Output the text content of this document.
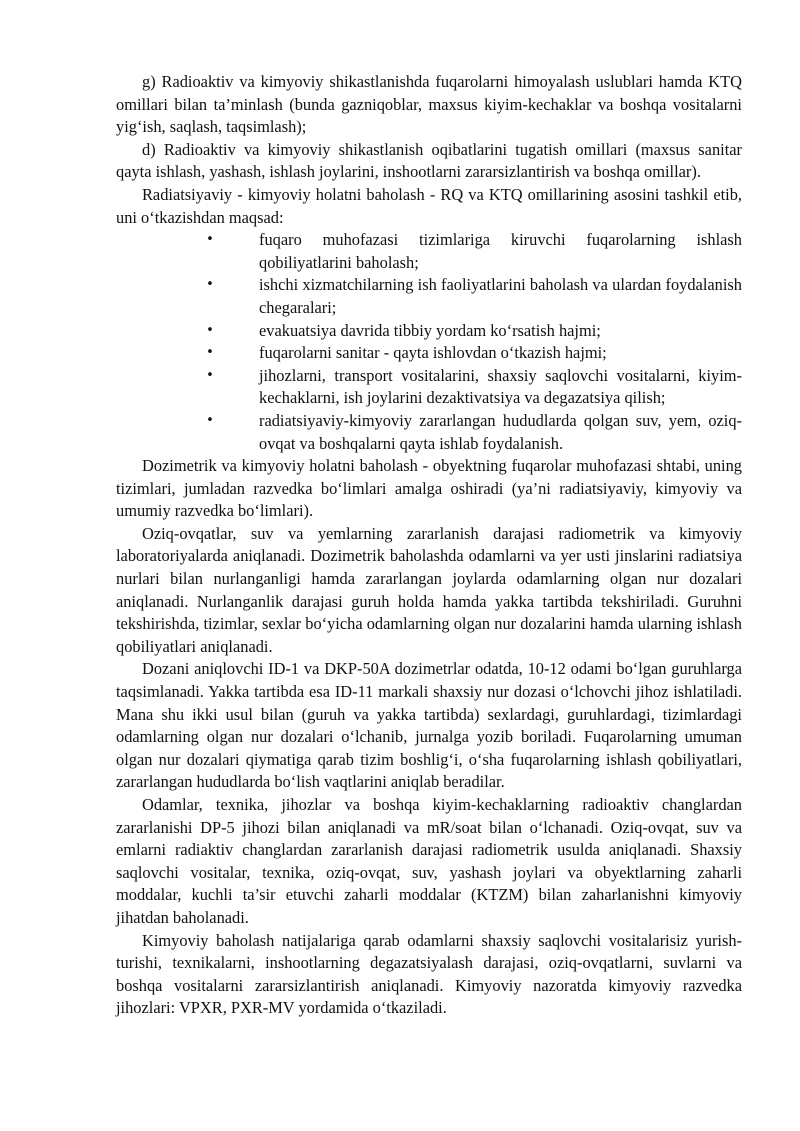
g) Radioaktiv va kimyoviy shikastlanishda fuqarolarni himoyalash uslublari hamda KTQ omillari bilan ta’minlash (bunda gazniqoblar, maxsus kiyim-kechaklar va boshqa vositalarni yig‘ish, saqlash, taqsimlash);

d) Radioaktiv va kimyoviy shikastlanish oqibatlarini tugatish omillari (maxsus sanitar qayta ishlash, yashash, ishlash joylarini, inshootlarni zararsizlantirish va boshqa omillar).

Radiatsiyaviy - kimyoviy holatni baholash - RQ va KTQ omillarining asosini tashkil etib, uni o‘tkazishdan maqsad:

•	fuqaro muhofazasi tizimlariga kiruvchi fuqarolarning ishlash qobiliyatlarini baholash;
•	ishchi xizmatchilarning ish faoliyatlarini baholash va ulardan foydalanish chegaralari;
•	evakuatsiya davrida tibbiy yordam ko‘rsatish hajmi;
•	fuqarolarni sanitar - qayta ishlovdan o‘tkazish hajmi;
•	jihozlarni, transport vositalarini, shaxsiy saqlovchi vositalarni, kiyim-kechaklarni, ish joylarini dezaktivatsiya va degazatsiya qilish;
•	radiatsiyaviy-kimyoviy zararlangan hududlarda qolgan suv, yem, oziq-ovqat va boshqalarni qayta ishlab foydalanish.

Dozimetrik va kimyoviy holatni baholash - obyektning fuqarolar muhofazasi shtabi, uning tizimlari, jumladan razvedka bo‘limlari amalga oshiradi (ya’ni radiatsiyaviy, kimyoviy va umumiy razvedka bo‘limlari).

Oziq-ovqatlar, suv va yemlarning zararlanish darajasi radiometrik va kimyoviy laboratoriyalarda aniqlanadi. Dozimetrik baholashda odamlarni va yer usti jinslarini radiatsiya nurlari bilan nurlanganligi hamda zararlangan joylarda odamlarning olgan nur dozalari aniqlanadi. Nurlanganlik darajasi guruh holda hamda yakka tartibda tekshiriladi. Guruhni tekshirishda, tizimlar, sexlar bo‘yicha odamlarning olgan nur dozalarini hamda ularning ishlash qobiliyatlari aniqlanadi.

Dozani aniqlovchi ID-1 va DKP-50A dozimetrlar odatda, 10-12 odami bo‘lgan guruhlarga taqsimlanadi. Yakka tartibda esa ID-11 markali shaxsiy nur dozasi o‘lchovchi jihoz ishlatiladi. Mana shu ikki usul bilan (guruh va yakka tartibda) sexlardagi, guruhlardagi, tizimlardagi odamlarning olgan nur dozalari o‘lchanib, jurnalga yozib boriladi. Fuqarolarning umuman olgan nur dozalari qiymatiga qarab tizim boshlig‘i, o‘sha fuqarolarning ishlash qobiliyatlari, zararlangan hududlarda bo‘lish vaqtlarini aniqlab beradilar.

Odamlar, texnika, jihozlar va boshqa kiyim-kechaklarning radioaktiv changlardan zararlanishi DP-5 jihozi bilan aniqlanadi va mR/soat bilan o‘lchanadi. Oziq-ovqat, suv va emlarni radiaktiv changlardan zararlanish darajasi radiometrik usulda aniqlanadi. Shaxsiy saqlovchi vositalar, texnika, oziq-ovqat, suv, yashash joylari va obyektlarning zaharli moddalar, kuchli ta’sir etuvchi zaharli moddalar (KTZM) bilan zaharlanishni kimyoviy jihatdan baholanadi.

Kimyoviy baholash natijalariga qarab odamlarni shaxsiy saqlovchi vositalarisiz yurish-turishi, texnikalarni, inshootlarning degazatsiyalash darajasi, oziq-ovqatlarni, suvlarni va boshqa vositalarni zararsizlantirish aniqlanadi. Kimyoviy nazoratda kimyoviy razvedka jihozlari: VPXR, PXR-MV yordamida o‘tkaziladi.
